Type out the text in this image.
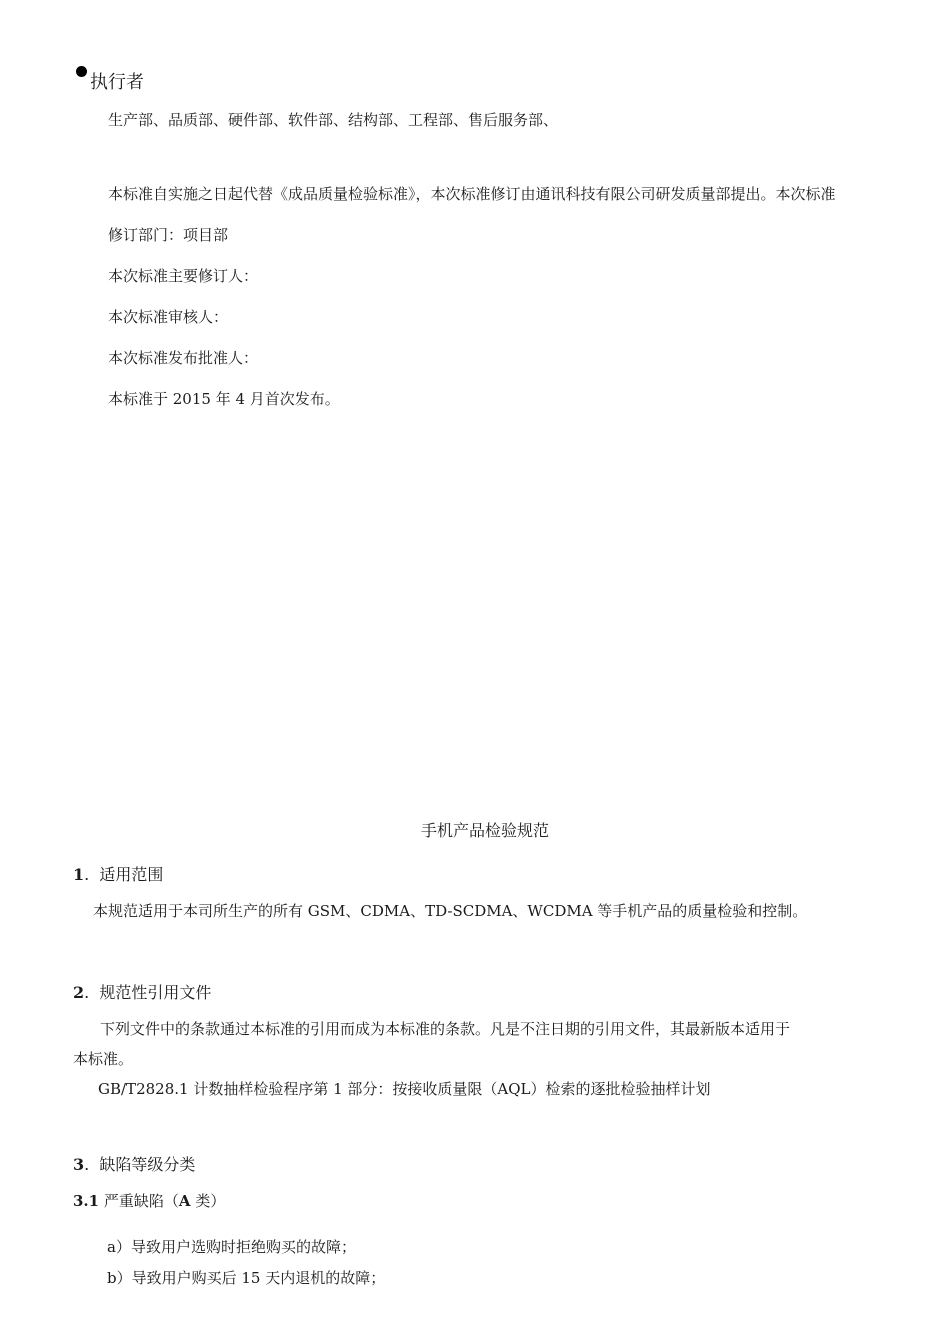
执行者
生产部、品质部、硬件部、软件部、结构部、工程部、售后服务部、
本标准自实施之日起代替《成品质量检验标准》，本次标准修订由通讯科技有限公司研发质量部提出。本次标准
修订部门：项目部
本次标准主要修订人：
本次标准审核人：
本次标准发布批准人：
本标准于 2015 年 4 月首次发布。
手机产品检验规范
1.  适用范围
本规范适用于本司所生产的所有 GSM、CDMA、TD-SCDMA、WCDMA 等手机产品的质量检验和控制。
2.  规范性引用文件
下列文件中的条款通过本标准的引用而成为本标准的条款。凡是不注日期的引用文件，其最新版本适用于
本标准。
GB/T2828.1 计数抽样检验程序第 1 部分：按接收质量限（AQL）检索的逐批检验抽样计划
3.  缺陷等级分类
3.1 严重缺陷（A 类）
a）导致用户选购时拒绝购买的故障；
b）导致用户购买后 15 天内退机的故障；
